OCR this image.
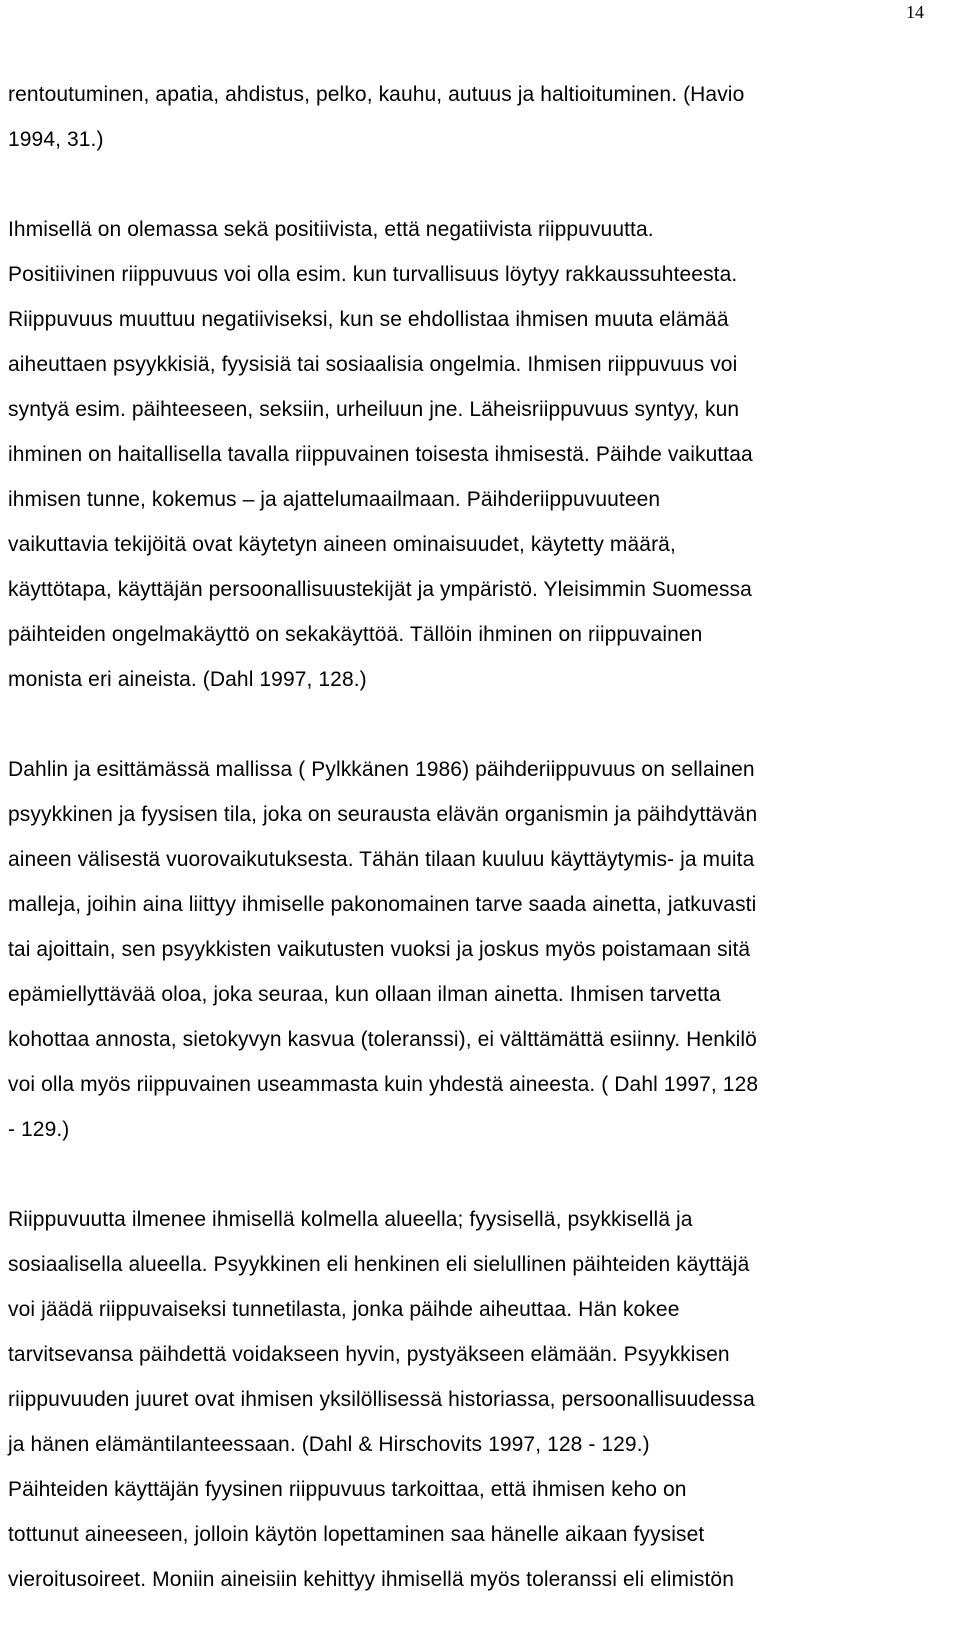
14
rentoutuminen, apatia, ahdistus, pelko, kauhu, autuus ja haltioituminen. (Havio
1994, 31.)
Ihmisellä on olemassa sekä positiivista, että negatiivista riippuvuutta.
Positiivinen riippuvuus voi olla esim. kun turvallisuus löytyy rakkaussuhteesta.
Riippuvuus muuttuu negatiiviseksi, kun se ehdollistaa ihmisen muuta elämää
aiheuttaen psyykkisiä, fyysisiä tai sosiaalisia ongelmia. Ihmisen riippuvuus voi
syntyä esim. päihteeseen, seksiin, urheiluun jne. Läheisriippuvuus syntyy, kun
ihminen on haitallisella tavalla riippuvainen toisesta ihmisestä. Päihde vaikuttaa
ihmisen tunne, kokemus – ja ajattelumaailmaan. Päihderiippuvuuteen
vaikuttavia tekijöitä ovat käytetyn aineen ominaisuudet, käytetty määrä,
käyttötapa, käyttäjän persoonallisuustekijät ja ympäristö. Yleisimmin Suomessa
päihteiden ongelmakäyttö on sekakäyttöä. Tällöin ihminen on riippuvainen
monista eri aineista. (Dahl 1997, 128.)
Dahlin ja esittämässä mallissa ( Pylkkänen 1986) päihderiippuvuus on sellainen
psyykkinen ja fyysisen tila, joka on seurausta elävän organismin ja päihdyttävän
aineen välisestä vuorovaikutuksesta. Tähän tilaan kuuluu käyttäytymis- ja muita
malleja, joihin aina liittyy ihmiselle pakonomainen tarve saada ainetta, jatkuvasti
tai ajoittain, sen psyykkisten vaikutusten vuoksi ja joskus myös poistamaan sitä
epämiellyttävää oloa, joka seuraa, kun ollaan ilman ainetta. Ihmisen tarvetta
kohottaa annosta, sietokyvyn kasvua (toleranssi), ei välttämättä esiinny. Henkilö
voi olla myös riippuvainen useammasta kuin yhdestä aineesta. ( Dahl 1997, 128
- 129.)
Riippuvuutta ilmenee ihmisellä kolmella alueella; fyysisellä, psykkisellä ja
sosiaalisella alueella. Psyykkinen eli henkinen eli sielullinen päihteiden käyttäjä
voi jäädä riippuvaiseksi tunnetilasta, jonka päihde aiheuttaa. Hän kokee
tarvitsevansa päihdettä voidakseen hyvin, pystyäkseen elämään. Psyykkisen
riippuvuuden juuret ovat ihmisen yksilöllisessä historiassa, persoonallisuudessa
ja hänen elämäntilanteessaan. (Dahl & Hirschovits 1997, 128 - 129.)
Päihteiden käyttäjän fyysinen riippuvuus tarkoittaa, että ihmisen keho on
tottunut aineeseen, jolloin käytön lopettaminen saa hänelle aikaan fyysiset
vieroitusoireet. Moniin aineisiin kehittyy ihmisellä myös toleranssi eli elimistön
